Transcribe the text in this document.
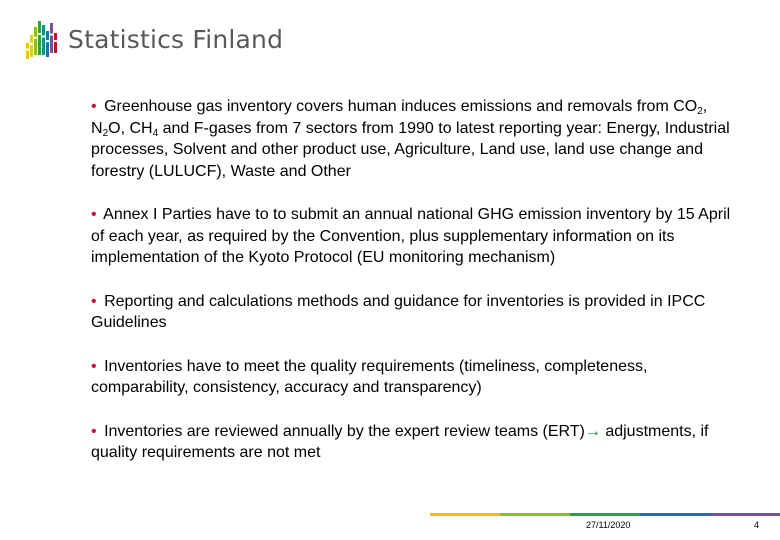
Statistics Finland

• Greenhouse gas inventory covers human induces emissions and removals from $CO_2$, $N_2O$, $CH_4$ and F-gases from 7 sectors from 1990 to latest reporting year: Energy, Industrial processes, Solvent and other product use, Agriculture, Land use, land use change and forestry (LULUCF), Waste and Other

• Annex I Parties have to to submit an annual national GHG emission inventory by 15 April of each year, as required by the Convention, plus supplementary information on its implementation of the Kyoto Protocol (EU monitoring mechanism)

• Reporting and calculations methods and guidance for inventories is provided in IPCC Guidelines

• Inventories have to meet the quality requirements (timeliness, completeness, comparability, consistency, accuracy and transparency)

• Inventories are reviewed annually by the expert review teams (ERT)→ adjustments, if quality requirements are not met

27/11/2020	4
